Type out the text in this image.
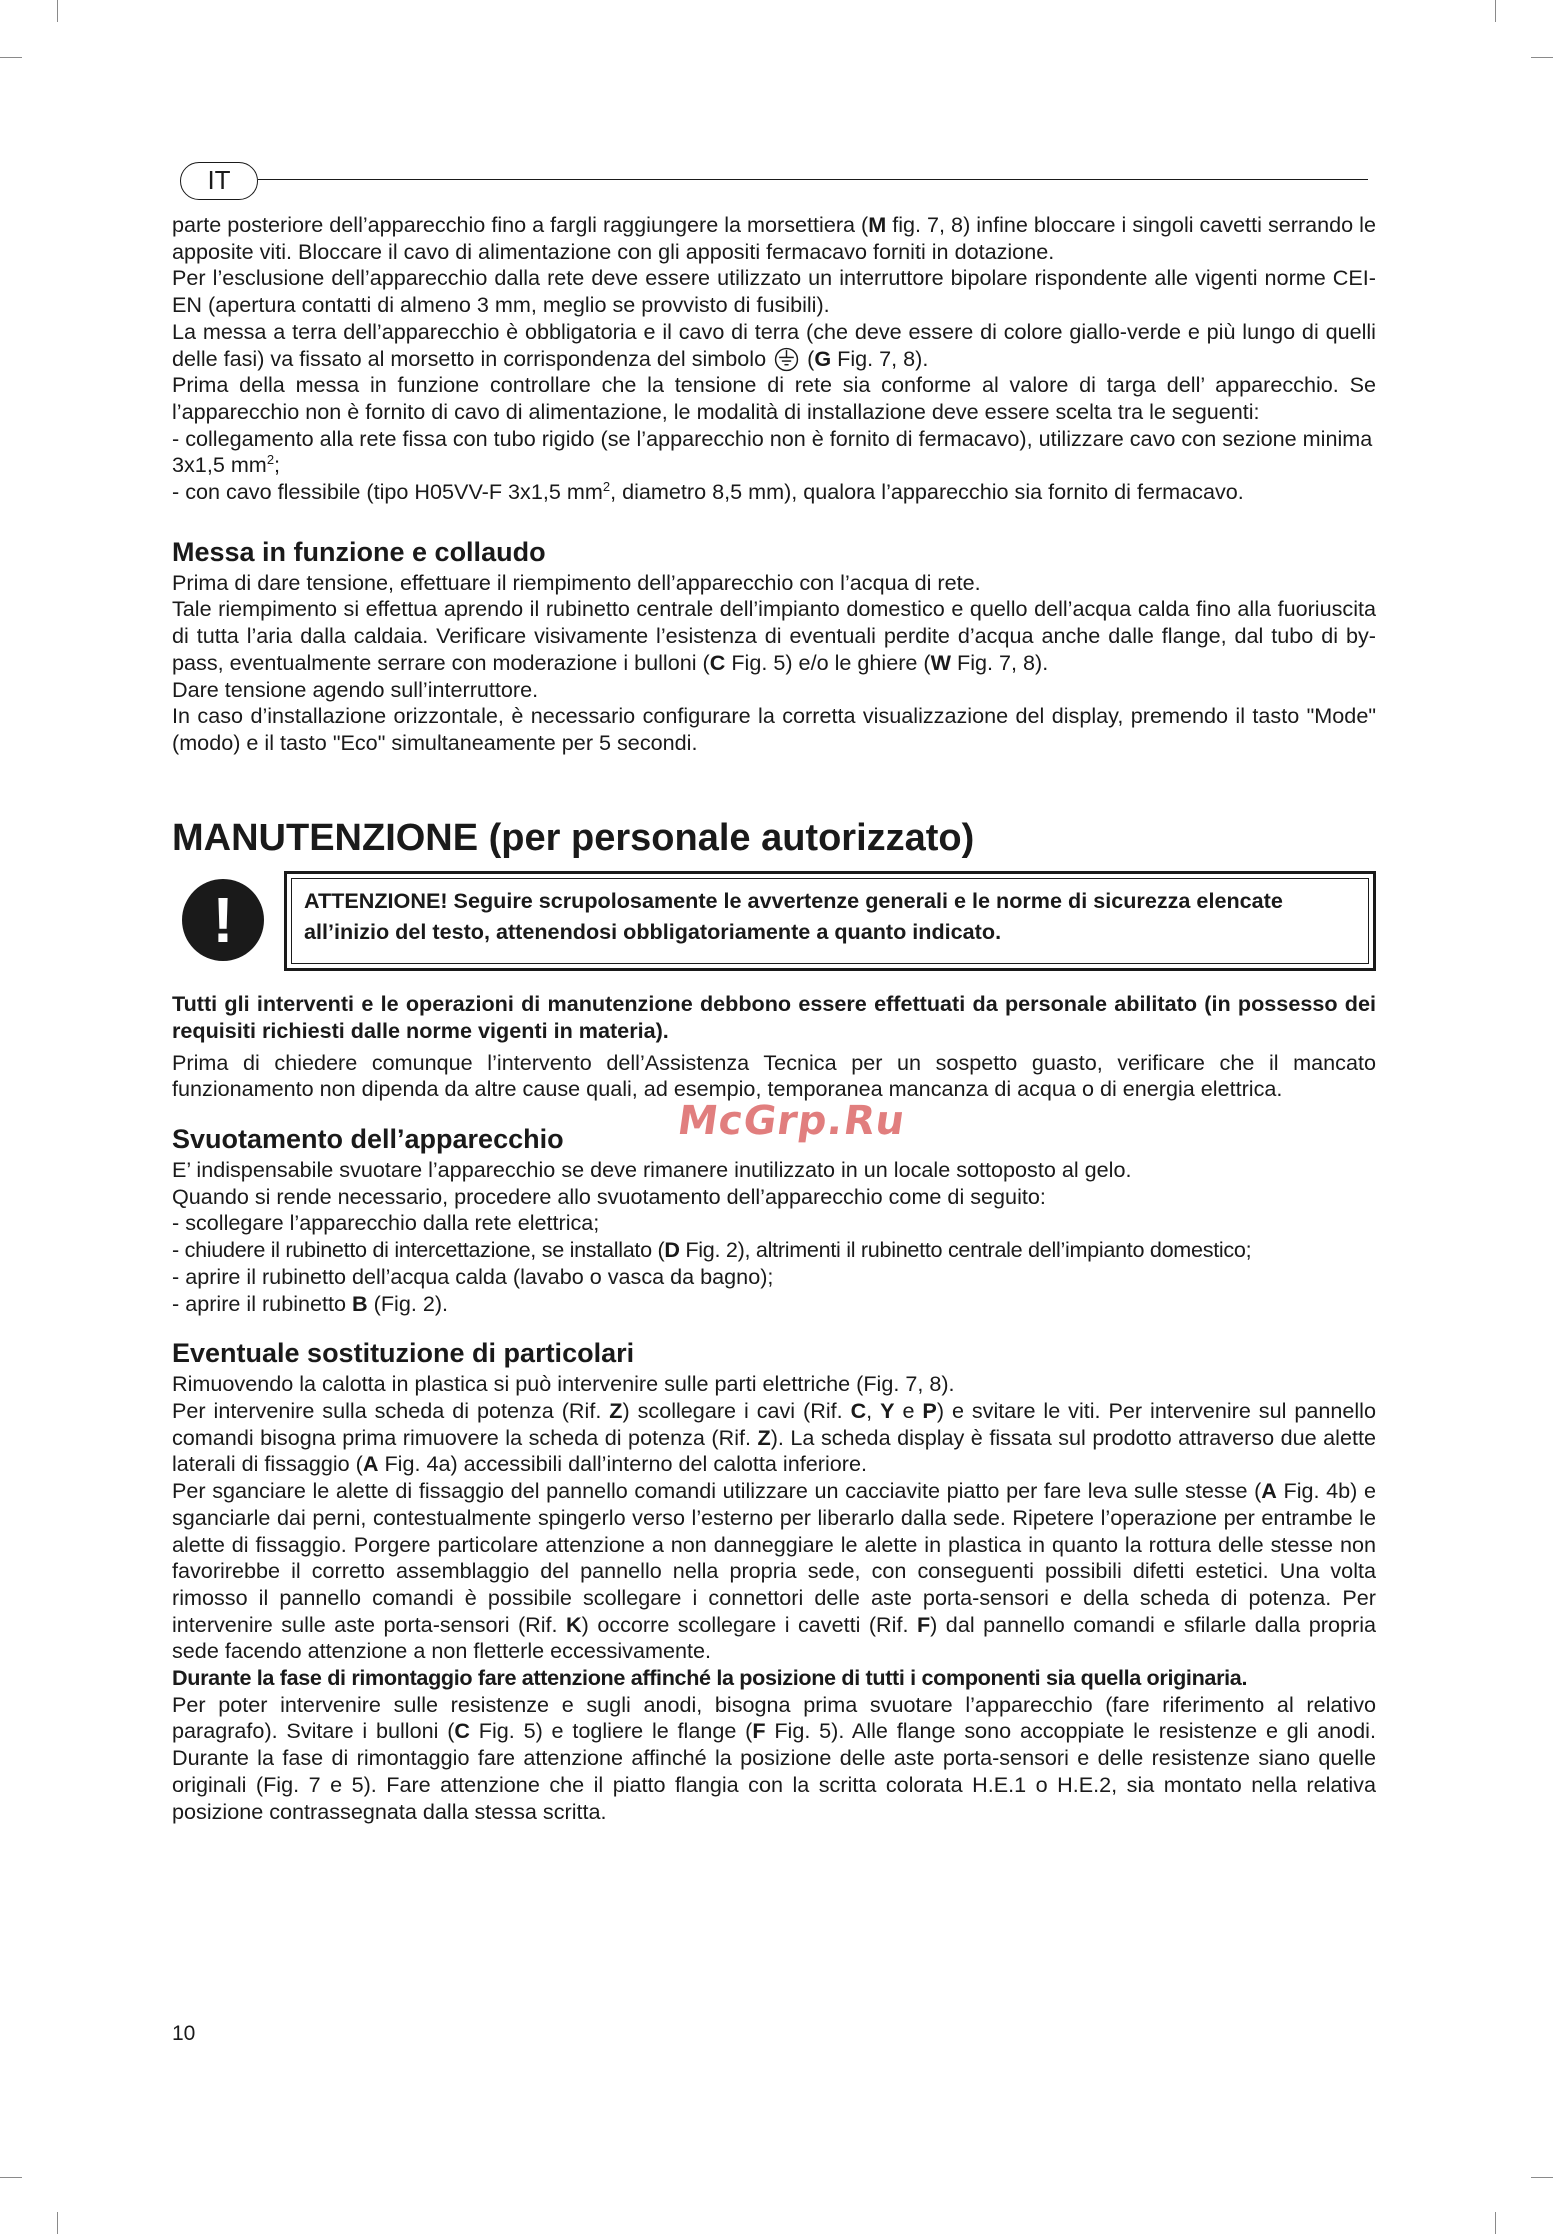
IT

parte posteriore dell’apparecchio fino a fargli raggiungere la morsettiera (M fig. 7, 8) infine bloccare i singoli cavetti serrando le apposite viti. Bloccare il cavo di alimentazione con gli appositi fermacavo forniti in dotazione.

Per l’esclusione dell’apparecchio dalla rete deve essere utilizzato un interruttore bipolare rispondente alle vigenti norme CEI-EN (apertura contatti di almeno 3 mm, meglio se provvisto di fusibili).

La messa a terra dell’apparecchio è obbligatoria e il cavo di terra (che deve essere di colore giallo-verde e più lungo di quelli delle fasi) va fissato al morsetto in corrispondenza del simbolo  (G Fig. 7, 8).

Prima della messa in funzione controllare che la tensione di rete sia conforme al valore di targa dell’ apparecchio. Se l’apparecchio non è fornito di cavo di alimentazione, le modalità di installazione deve essere scelta tra le seguenti:

- collegamento alla rete fissa con tubo rigido (se l’apparecchio non è fornito di fermacavo), utilizzare cavo con sezione minima 3x1,5 $mm^2$;

- con cavo flessibile (tipo H05VV-F 3x1,5 $mm^2$, diametro 8,5 mm), qualora l’apparecchio sia fornito di fermacavo.

Messa in funzione e collaudo

Prima di dare tensione, effettuare il riempimento dell’apparecchio con l’acqua di rete.

Tale riempimento si effettua aprendo il rubinetto centrale dell’impianto domestico e quello dell’acqua calda fino alla fuoriuscita di tutta l’aria dalla caldaia. Verificare visivamente l’esistenza di eventuali perdite d’acqua anche dalle flange, dal tubo di by-pass, eventualmente serrare con moderazione i bulloni (C Fig. 5) e/o le ghiere (W Fig. 7, 8).

Dare tensione agendo sull’interruttore.

In caso d’installazione orizzontale, è necessario configurare la corretta visualizzazione del display, premendo il tasto "Mode" (modo) e il tasto "Eco" simultaneamente per 5 secondi.

MANUTENZIONE (per personale autorizzato)
!	ATTENZIONE! Seguire scrupolosamente le avvertenze generali e le norme di sicurezza elencate all’inizio del testo, attenendosi obbligatoriamente a quanto indicato.

Tutti gli interventi e le operazioni di manutenzione debbono essere effettuati da personale abilitato (in possesso dei requisiti richiesti dalle norme vigenti in materia).

Prima di chiedere comunque l’intervento dell’Assistenza Tecnica per un sospetto guasto, verificare che il mancato funzionamento non dipenda da altre cause quali, ad esempio, temporanea mancanza di acqua o di energia elettrica.

Svuotamento dell’apparecchio

E’ indispensabile svuotare l’apparecchio se deve rimanere inutilizzato in un locale sottoposto al gelo.

Quando si rende necessario, procedere allo svuotamento dell’apparecchio come di seguito:

- scollegare l’apparecchio dalla rete elettrica;

- chiudere il rubinetto di intercettazione, se installato (D Fig. 2), altrimenti il rubinetto centrale dell’impianto domestico;

- aprire il rubinetto dell’acqua calda (lavabo o vasca da bagno);

- aprire il rubinetto B (Fig. 2).

Eventuale sostituzione di particolari

Rimuovendo la calotta in plastica si può intervenire sulle parti elettriche (Fig. 7, 8).

Per intervenire sulla scheda di potenza (Rif. Z) scollegare i cavi (Rif. C, Y e P) e svitare le viti. Per intervenire sul pannello comandi bisogna prima rimuovere la scheda di potenza (Rif. Z). La scheda display è fissata sul prodotto attraverso due alette laterali di fissaggio (A Fig. 4a) accessibili dall’interno del calotta inferiore.

Per sganciare le alette di fissaggio del pannello comandi utilizzare un cacciavite piatto per fare leva sulle stesse (A Fig. 4b) e sganciarle dai perni, contestualmente spingerlo verso l’esterno per liberarlo dalla sede. Ripetere l’operazione per entrambe le alette di fissaggio. Porgere particolare attenzione a non danneggiare le alette in plastica in quanto la rottura delle stesse non favorirebbe il corretto assemblaggio del pannello nella propria sede, con conseguenti possibili difetti estetici. Una volta rimosso il pannello comandi è possibile scollegare i connettori delle aste porta-sensori e della scheda di potenza. Per intervenire sulle aste porta-sensori (Rif. K) occorre scollegare i cavetti (Rif. F) dal pannello comandi e sfilarle dalla propria sede facendo attenzione a non fletterle eccessivamente.

Durante la fase di rimontaggio fare attenzione affinché la posizione di tutti i componenti sia quella originaria.

Per poter intervenire sulle resistenze e sugli anodi, bisogna prima svuotare l’apparecchio (fare riferimento al relativo paragrafo). Svitare i bulloni (C Fig. 5) e togliere le flange (F Fig. 5). Alle flange sono accoppiate le resistenze e gli anodi. Durante la fase di rimontaggio fare attenzione affinché la posizione delle aste porta-sensori e delle resistenze siano quelle originali (Fig. 7 e 5). Fare attenzione che il piatto flangia con la scritta colorata H.E.1 o H.E.2, sia montato nella relativa posizione contrassegnata dalla stessa scritta.

10
McGrp.Ru
